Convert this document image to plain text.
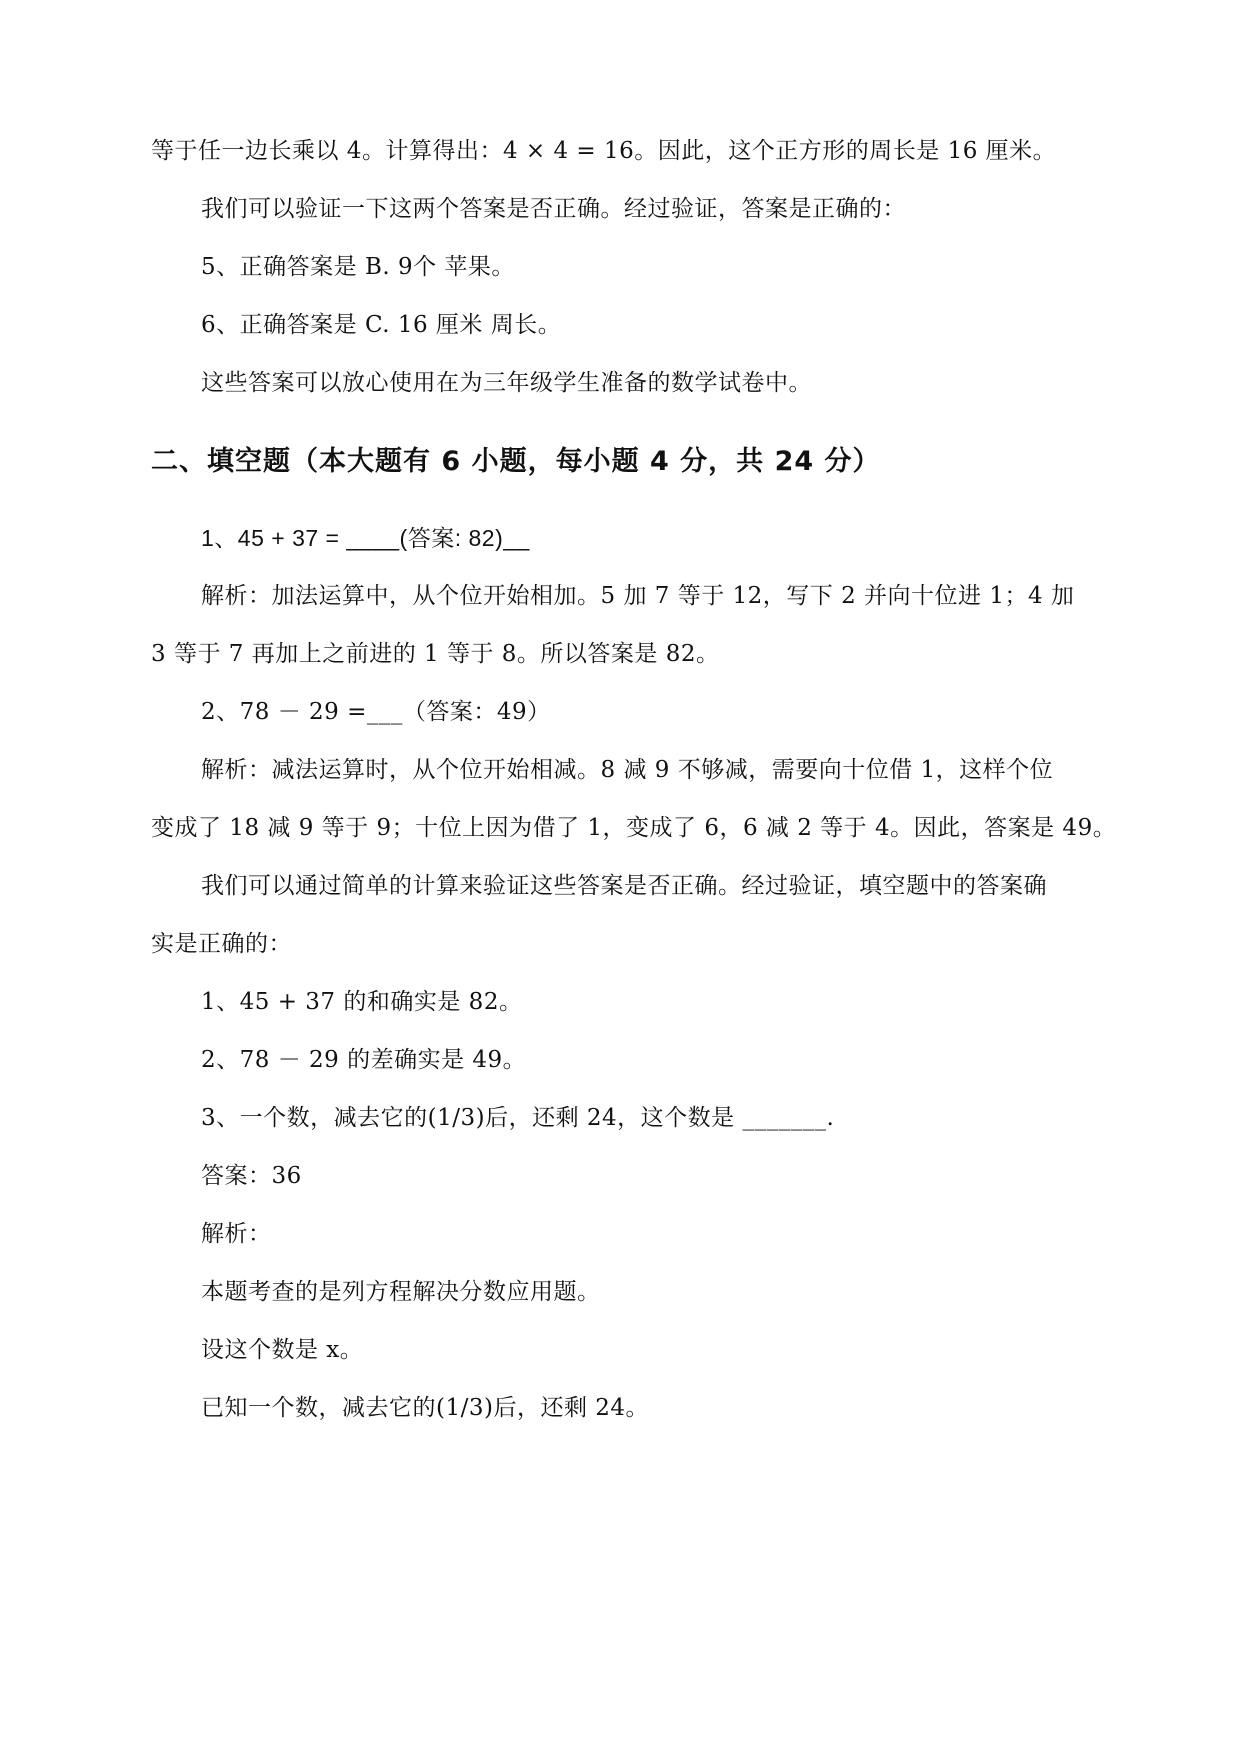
等于任一边长乘以 4。计算得出：4 × 4 = 16。因此，这个正方形的周长是 16 厘米。
我们可以验证一下这两个答案是否正确。经过验证，答案是正确的：
5、正确答案是 B. 9个 苹果。
6、正确答案是 C. 16 厘米 周长。
这些答案可以放心使用在为三年级学生准备的数学试卷中。
二、填空题（本大题有 6 小题，每小题 4 分，共 24 分）
1、45 + 37 = ____(答案: 82)__
解析：加法运算中，从个位开始相加。5 加 7 等于 12，写下 2 并向十位进 1；4 加
3 等于 7 再加上之前进的 1 等于 8。所以答案是 82。
2、78 － 29 =___（答案：49）
解析：减法运算时，从个位开始相减。8 减 9 不够减，需要向十位借 1，这样个位
变成了 18 减 9 等于 9；十位上因为借了 1，变成了 6，6 减 2 等于 4。因此，答案是 49。
我们可以通过简单的计算来验证这些答案是否正确。经过验证，填空题中的答案确
实是正确的：
1、45 + 37 的和确实是 82。
2、78 － 29 的差确实是 49。
3、一个数，减去它的(1/3)后，还剩 24，这个数是 _______.
答案：36
解析：
本题考查的是列方程解决分数应用题。
设这个数是 x。
已知一个数，减去它的(1/3)后，还剩 24。
